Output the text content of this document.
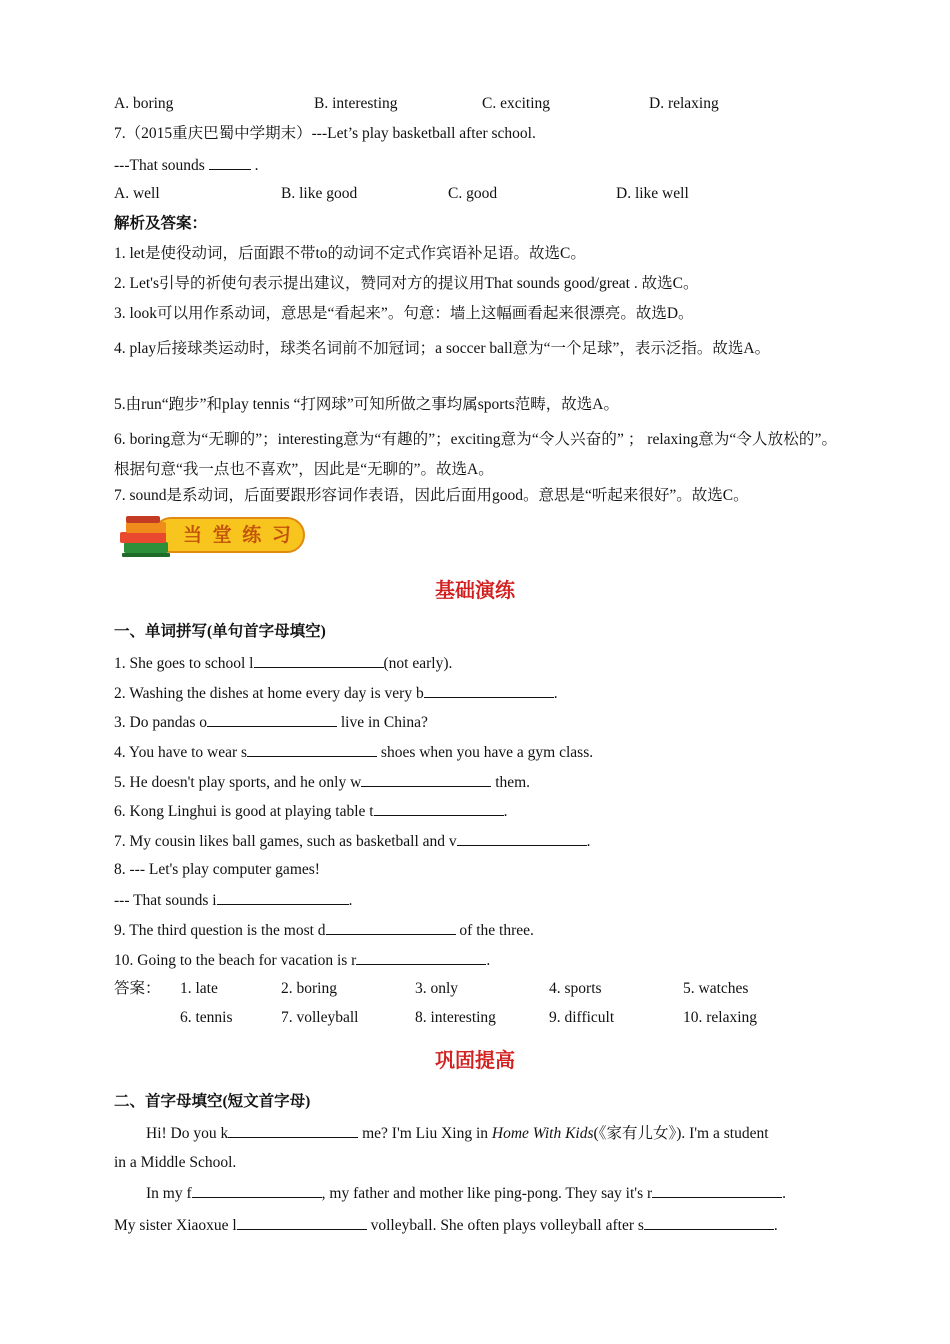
A. boring	B. interesting	C. exciting	D. relaxing
7.（2015重庆巴蜀中学期末）---Let’s play basketball after school.
---That sounds	.
A. well	B. like good	C. good	D. like well
解析及答案：
1. let是使役动词，后面跟不带to的动词不定式作宾语补足语。故选C。
2. Let's引导的祈使句表示提出建议，赞同对方的提议用That sounds good/great . 故选C。
3. look可以用作系动词，意思是“看起来”。句意：墙上这幅画看起来很漂亮。故选D。
4. play后接球类运动时，球类名词前不加冠词；a soccer ball意为“一个足球”，表示泛指。故选A。
5.由run“跑步”和play tennis “打网球”可知所做之事均属sports范畴，故选A。
6. boring意为“无聊的”；interesting意为“有趣的”；exciting意为“令人兴奋的” ； relaxing意为“令人放松的”。根据句意“我一点也不喜欢”，因此是“无聊的”。故选A。
7. sound是系动词，后面要跟形容词作表语，因此后面用good。意思是“听起来很好”。故选C。
当 堂 练 习
基础演练
一、单词拼写(单句首字母填空)
1. She goes to school l	(not early).
2. Washing the dishes at home every day is very b	.
3. Do pandas o	live in China?
4. You have to wear s	shoes when you have a gym class.
5. He doesn't play sports, and he only w	them.
6. Kong Linghui is good at playing table t	.
7. My cousin likes ball games, such as basketball and v	.
8. --- Let's play computer games!
--- That sounds i	.
9. The third question is the most d	of the three.
10. Going to the beach for vacation is r	.
答案： 1. late	2. boring	3. only	4. sports	5. watches
6. tennis	7. volleyball	8. interesting	9. difficult	10. relaxing
巩固提高
二、首字母填空(短文首字母)
Hi! Do you k	me? I'm Liu Xing in Home With Kids(《家有儿女》). I'm a student
in a Middle School.
In my f	, my father and mother like ping-pong. They say it's r	.
My sister Xiaoxue l	volleyball. She often plays volleyball after s	.
